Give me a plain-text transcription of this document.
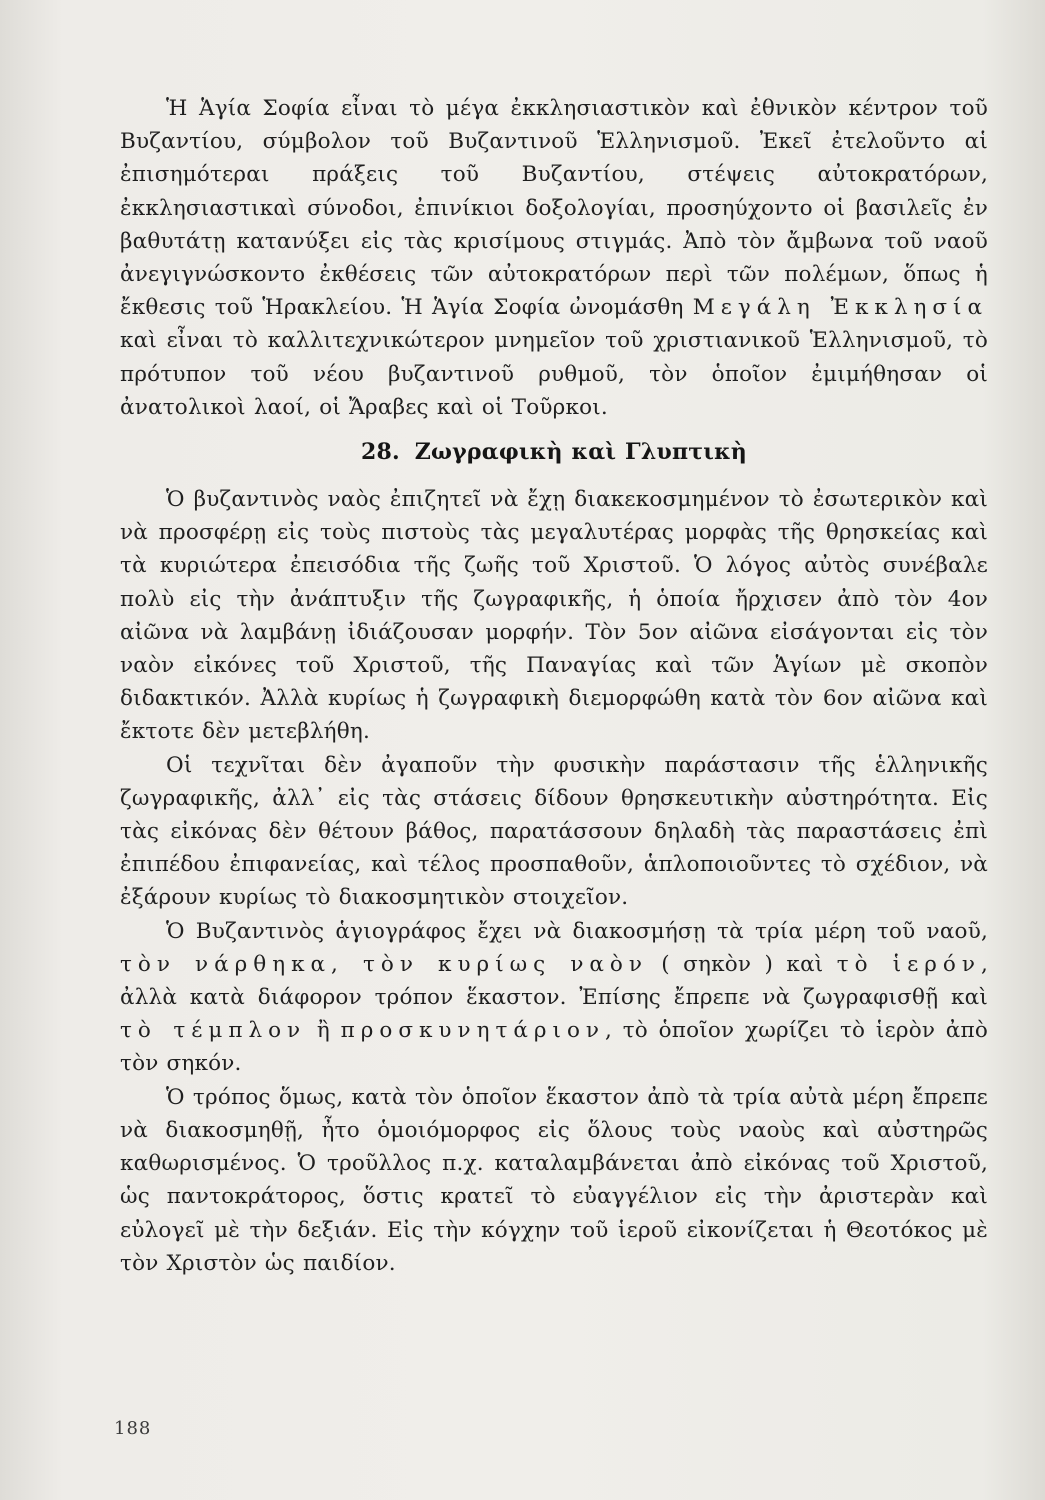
Ἡ Ἁγία Σοφία εἶναι τὸ μέγα ἐκκλησιαστικὸν καὶ ἐθνικὸν κέντρον τοῦ Βυζαντίου, σύμβολον τοῦ Βυζαντινοῦ Ἑλληνισμοῦ. Ἐκεῖ ἐτελοῦντο αἱ ἐπισημότεραι πράξεις τοῦ Βυζαντίου, στέψεις αὐτοκρατόρων, ἐκκλησιαστικαὶ σύνοδοι, ἐπινίκιοι δοξολογίαι, προσηύχοντο οἱ βασιλεῖς ἐν βαθυτάτῃ κατανύξει εἰς τὰς κρισίμους στιγμάς. Ἀπὸ τὸν ἄμβωνα τοῦ ναοῦ ἀνεγιγνώσκοντο ἐκθέσεις τῶν αὐτοκρατόρων περὶ τῶν πολέμων, ὅπως ἡ ἔκθεσις τοῦ Ἡρακλείου. Ἡ Ἁγία Σοφία ὠνομάσθη Μεγάλη Ἐκκλησία καὶ εἶναι τὸ καλλιτεχνικώτερον μνημεῖον τοῦ χριστιανικοῦ Ἑλληνισμοῦ, τὸ πρότυπον τοῦ νέου βυζαντινοῦ ρυθμοῦ, τὸν ὁποῖον ἐμιμήθησαν οἱ ἀνατολικοὶ λαοί, οἱ Ἄραβες καὶ οἱ Τοῦρκοι.

28. Ζωγραφικὴ καὶ Γλυπτικὴ

Ὁ βυζαντινὸς ναὸς ἐπιζητεῖ νὰ ἔχῃ διακεκοσμημένον τὸ ἐσωτερικὸν καὶ νὰ προσφέρῃ εἰς τοὺς πιστοὺς τὰς μεγαλυτέρας μορφὰς τῆς θρησκείας καὶ τὰ κυριώτερα ἐπεισόδια τῆς ζωῆς τοῦ Χριστοῦ. Ὁ λόγος αὐτὸς συνέβαλε πολὺ εἰς τὴν ἀνάπτυξιν τῆς ζωγραφικῆς, ἡ ὁποία ἤρχισεν ἀπὸ τὸν 4ον αἰῶνα νὰ λαμβάνῃ ἰδιάζουσαν μορφήν. Τὸν 5ον αἰῶνα εἰσάγονται εἰς τὸν ναὸν εἰκόνες τοῦ Χριστοῦ, τῆς Παναγίας καὶ τῶν Ἁγίων μὲ σκοπὸν διδακτικόν. Ἀλλὰ κυρίως ἡ ζωγραφικὴ διεμορφώθη κατὰ τὸν 6ον αἰῶνα καὶ ἔκτοτε δὲν μετεβλήθη.

Οἱ τεχνῖται δὲν ἀγαποῦν τὴν φυσικὴν παράστασιν τῆς ἑλληνικῆς ζωγραφικῆς, ἀλλ᾽ εἰς τὰς στάσεις δίδουν θρησκευτικὴν αὐστηρότητα. Εἰς τὰς εἰκόνας δὲν θέτουν βάθος, παρατάσσουν δηλαδὴ τὰς παραστάσεις ἐπὶ ἐπιπέδου ἐπιφανείας, καὶ τέλος προσπαθοῦν, ἁπλοποιοῦντες τὸ σχέδιον, νὰ ἐξάρουν κυρίως τὸ διακοσμητικὸν στοιχεῖον.

Ὁ Βυζαντινὸς ἁγιογράφος ἔχει νὰ διακοσμήσῃ τὰ τρία μέρη τοῦ ναοῦ, τὸν νάρθηκα, τὸν κυρίως ναὸν ( σηκὸν ) καὶ τὸ ἱερόν, ἀλλὰ κατὰ διάφορον τρόπον ἕκαστον. Ἐπίσης ἔπρεπε νὰ ζωγραφισθῇ καὶ τὸ τέμπλον ἢ προσκυνητάριον, τὸ ὁποῖον χωρίζει τὸ ἱερὸν ἀπὸ τὸν σηκόν.

Ὁ τρόπος ὅμως, κατὰ τὸν ὁποῖον ἕκαστον ἀπὸ τὰ τρία αὐτὰ μέρη ἔπρεπε νὰ διακοσμηθῇ, ἦτο ὁμοιόμορφος εἰς ὅλους τοὺς ναοὺς καὶ αὐστηρῶς καθωρισμένος. Ὁ τροῦλλος π.χ. καταλαμβάνεται ἀπὸ εἰκόνας τοῦ Χριστοῦ, ὡς παντοκράτορος, ὅστις κρατεῖ τὸ εὐαγγέλιον εἰς τὴν ἀριστερὰν καὶ εὐλογεῖ μὲ τὴν δεξιάν. Εἰς τὴν κόγχην τοῦ ἱεροῦ εἰκονίζεται ἡ Θεοτόκος μὲ τὸν Χριστὸν ὡς παιδίον.

188
